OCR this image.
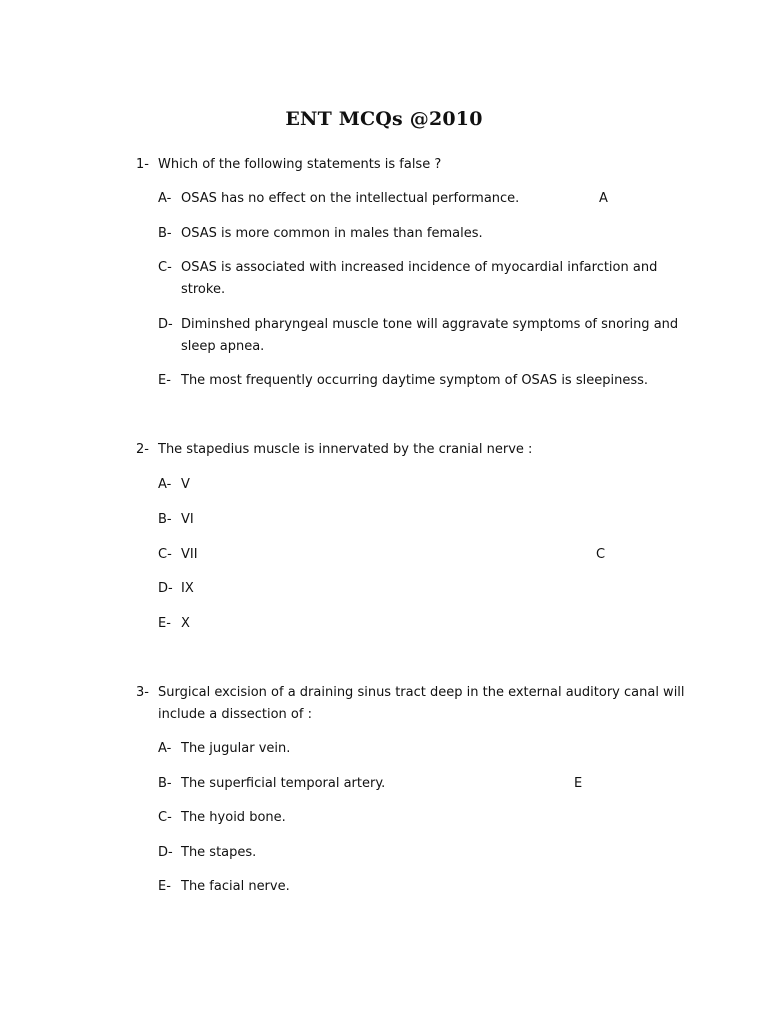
ENT MCQs @2010
1- Which of the following statements is false ?
A- OSAS has no effect on the intellectual performance.	A
B- OSAS is more common in males than females.
C- OSAS is associated with increased incidence of myocardial infarction and
stroke.
D- Diminshed pharyngeal muscle tone will aggravate symptoms of snoring and
sleep apnea.
E- The most frequently occurring daytime symptom of OSAS is sleepiness.
2- The stapedius muscle is innervated by the cranial nerve :
A- V
B- VI
C- VII	C
D- IX
E- X
3- Surgical excision of a draining sinus tract deep in the external auditory canal will
include a dissection of :
A- The jugular vein.
B- The superficial temporal artery.	E
C- The hyoid bone.
D- The stapes.
E- The facial nerve.
